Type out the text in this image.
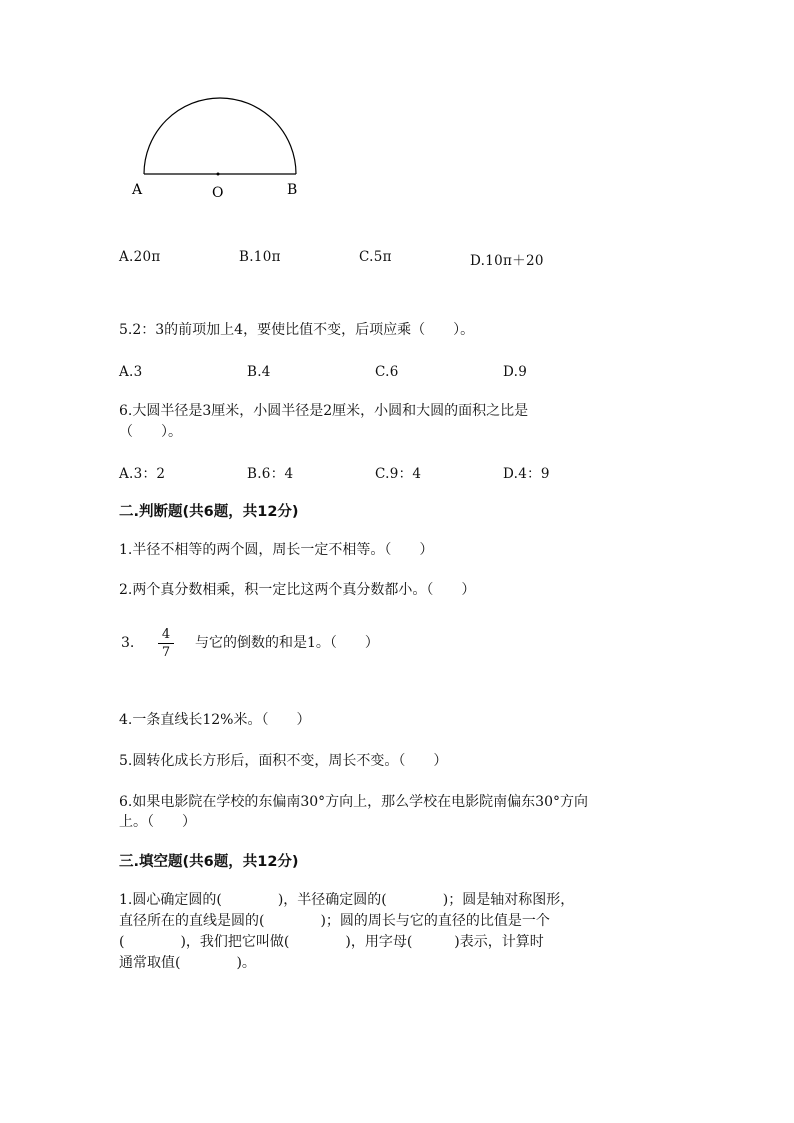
A	O	B
A.20π	B.10π	C.5π	D.10π＋20
5.2：3的前项加上4，要使比值不变，后项应乘（　　）。
A.3	B.4	C.6	D.9
6.大圆半径是3厘米，小圆半径是2厘米，小圆和大圆的面积之比是
（　　）。
A.3：2	B.6：4	C.9：4	D.4：9
二.判断题(共6题，共12分)
1.半径不相等的两个圆，周长一定不相等。（　　）
2.两个真分数相乘，积一定比这两个真分数都小。（　　）
3.
4
7
与它的倒数的和是1。（　　）
4.一条直线长12%米。（　　）
5.圆转化成长方形后，面积不变，周长不变。（　　）
6.如果电影院在学校的东偏南30°方向上，那么学校在电影院南偏东30°方向
上。（　　）
三.填空题(共6题，共12分)
1.圆心确定圆的(　　　　)，半径确定圆的(　　　　)；圆是轴对称图形，
直径所在的直线是圆的(　　　　)；圆的周长与它的直径的比值是一个
(　　　　)，我们把它叫做(　　　　)，用字母(　　　)表示，计算时
通常取值(　　　　)。
